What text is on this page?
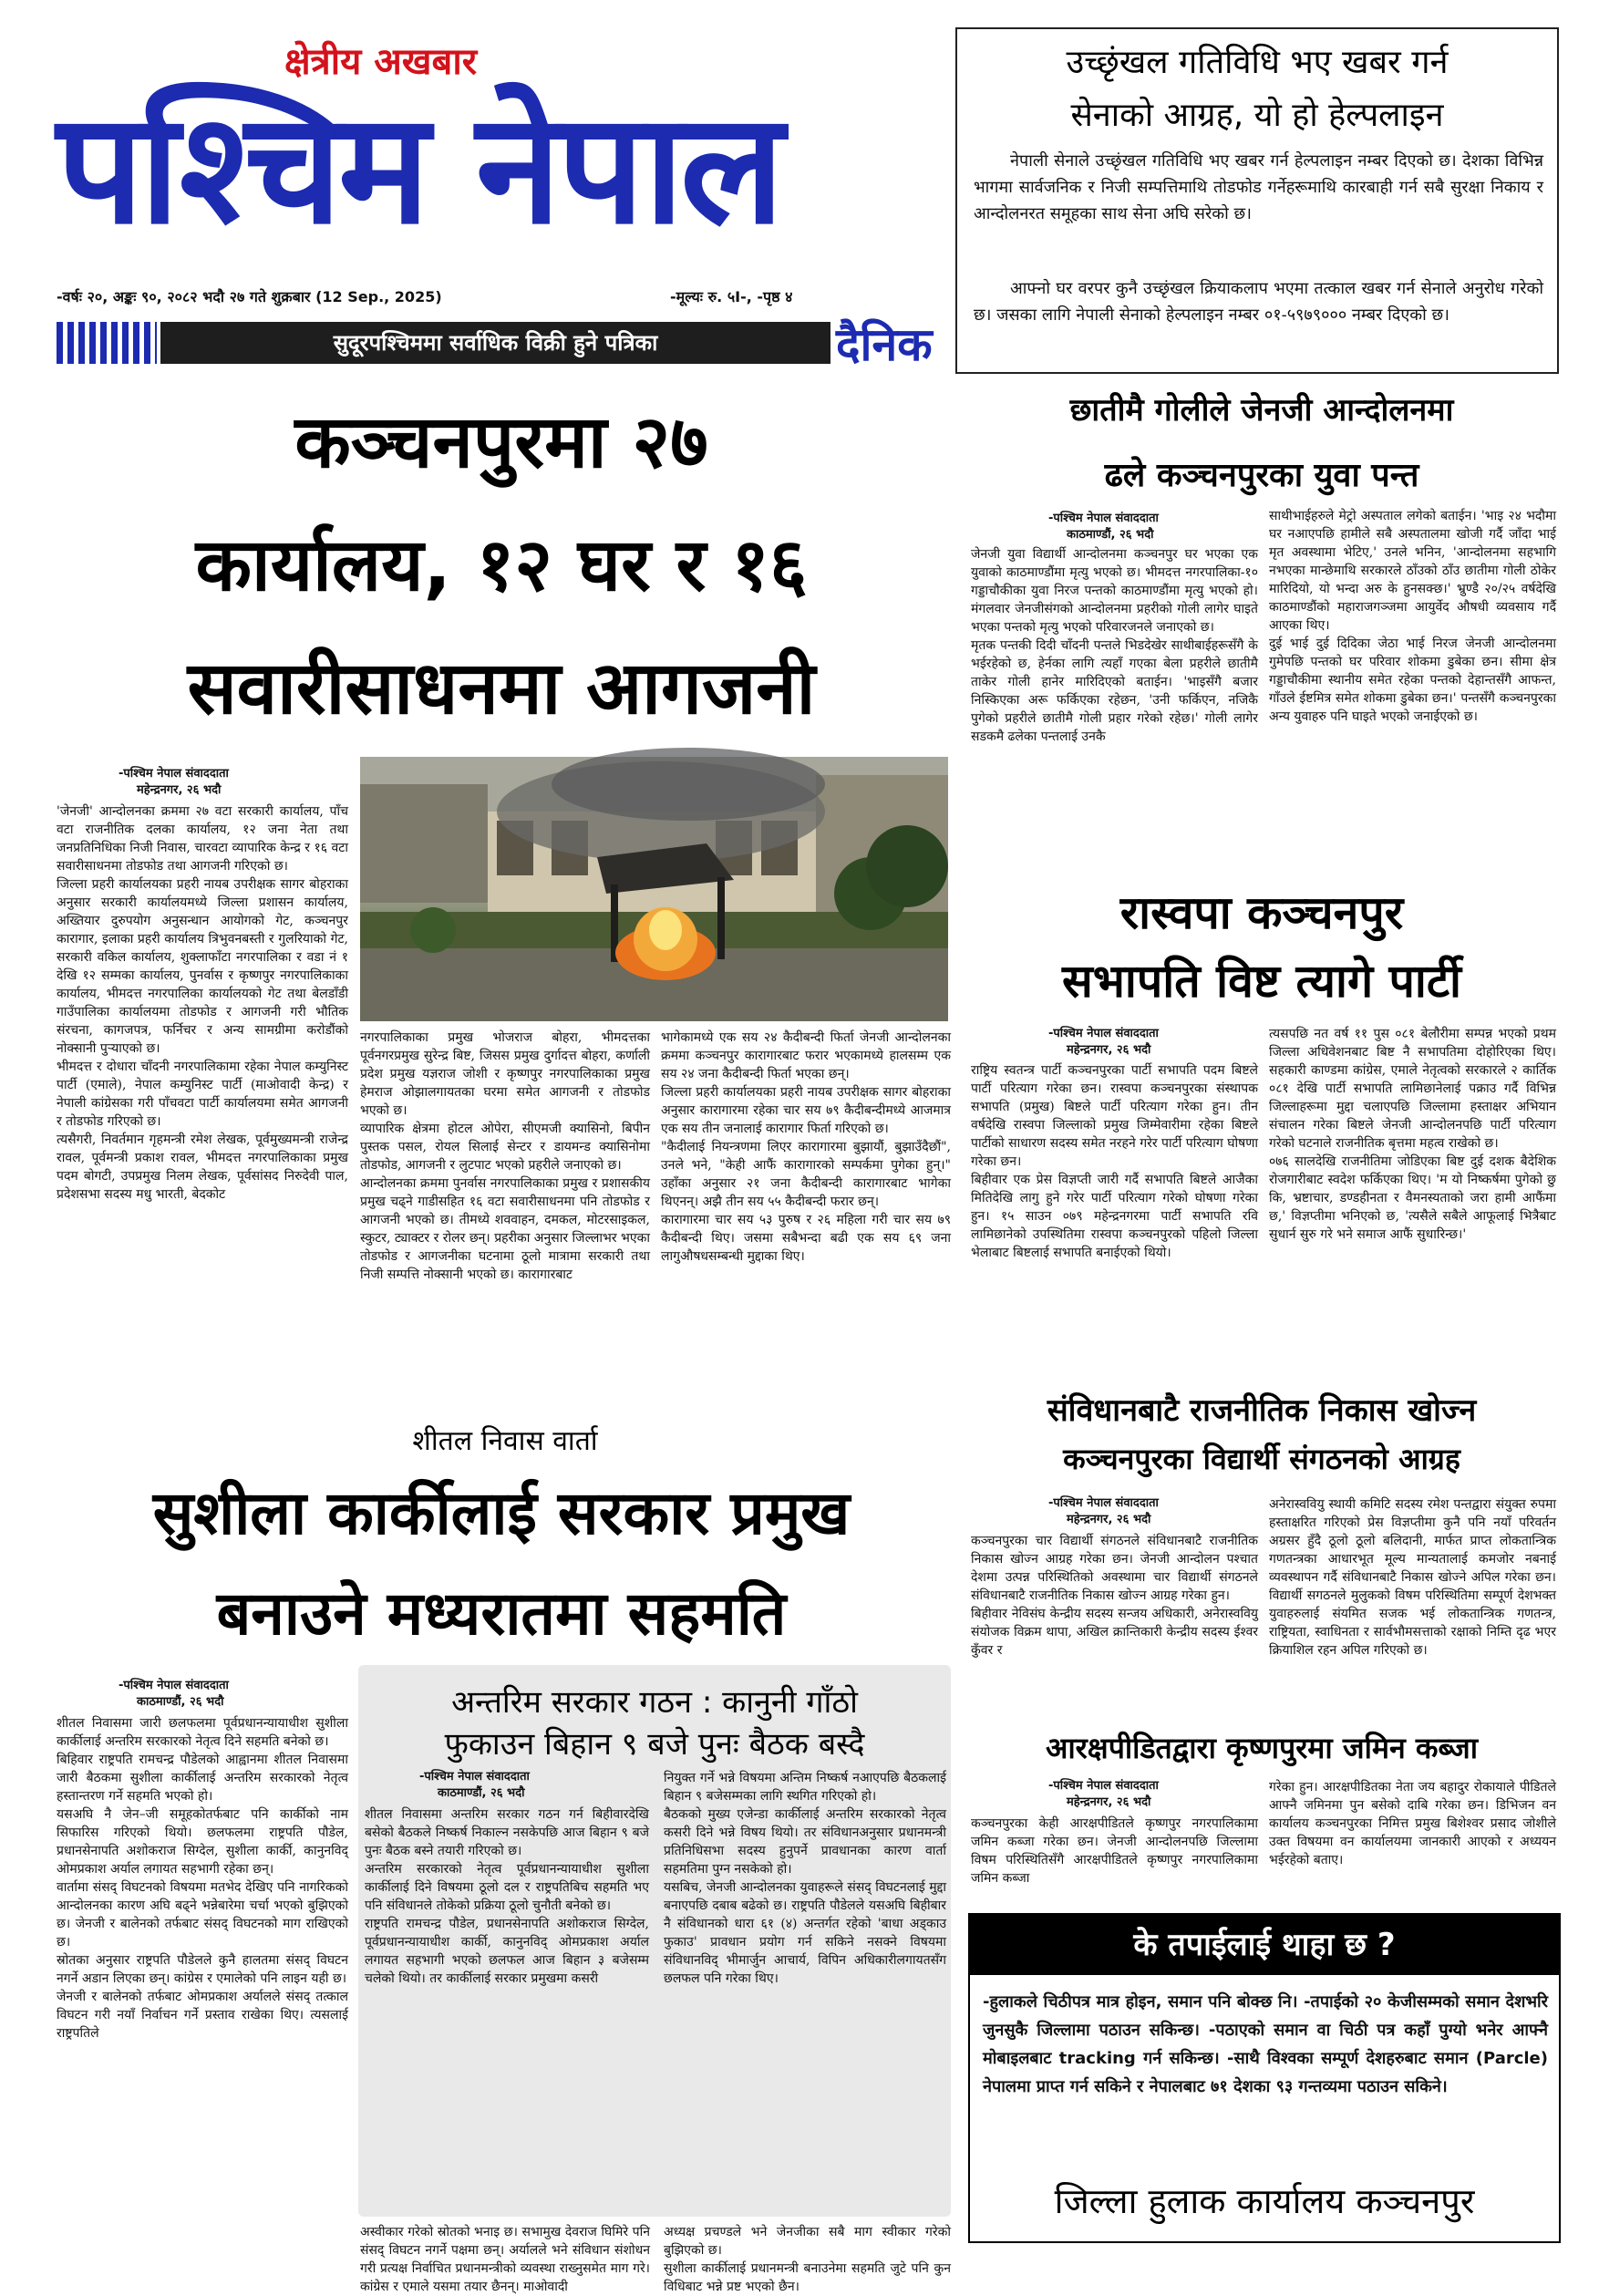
क्षेत्रीय अखबार
पश्चिम नेपाल
-वर्षः २०, अङ्कः ९०, २०८२ भदौ २७ गते शुक्रबार (12 Sep., 2025)	-मूल्यः रु. ५I-, -पृष्ठ ४
सुदूरपश्चिममा सर्वाधिक विक्री हुने पत्रिका	दैनिक
उच्छृंखल गतिविधि भए खबर गर्न
सेनाको आग्रह, यो हो हेल्पलाइन
नेपाली सेनाले उच्छृंखल गतिविधि भए खबर गर्न हेल्पलाइन नम्बर दिएको छ। देशका विभिन्न भागमा सार्वजनिक र निजी सम्पत्तिमाथि तोडफोड गर्नेहरूमाथि कारबाही गर्न सबै सुरक्षा निकाय र आन्दोलनरत समूहका साथ सेना अघि सरेको छ।
आफ्नो घर वरपर कुनै उच्छृंखल क्रियाकलाप भएमा तत्काल खबर गर्न सेनाले अनुरोध गरेको छ। जसका लागि नेपाली सेनाको हेल्पलाइन नम्बर ०१-५९७९००० नम्बर दिएको छ।
कञ्चनपुरमा २७
कार्यालय, १२ घर र १६
सवारीसाधनमा आगजनी
-पश्चिम नेपाल संवाददाता
महेन्द्रनगर, २६ भदौ
'जेनजी' आन्दोलनका क्रममा २७ वटा सरकारी कार्यालय, पाँच वटा राजनीतिक दलका कार्यालय, १२ जना नेता तथा जनप्रतिनिधिका निजी निवास, चारवटा व्यापारिक केन्द्र र १६ वटा सवारीसाधनमा तोडफोड तथा आगजनी गरिएको छ।
जिल्ला प्रहरी कार्यालयका प्रहरी नायब उपरीक्षक सागर बोहराका अनुसार सरकारी कार्यालयमध्ये जिल्ला प्रशासन कार्यालय, अख्तियार दुरुपयोग अनुसन्धान आयोगको गेट, कञ्चनपुर कारागार, इलाका प्रहरी कार्यालय त्रिभुवनबस्ती र गुलरियाको गेट, सरकारी वकिल कार्यालय, शुक्लाफाँटा नगरपालिका र वडा नं १ देखि १२ सम्मका कार्यालय, पुनर्वास र कृष्णपुर नगरपालिकाका कार्यालय, भीमदत्त नगरपालिका कार्यालयको गेट तथा बेलडाँडी गाउँपालिका कार्यालयमा तोडफोड र आगजनी गरी भौतिक संरचना, कागजपत्र, फर्निचर र अन्य सामग्रीमा करोडौंको नोक्सानी पुर्‍याएको छ।
भीमदत्त र दोधारा चाँदनी नगरपालिकामा रहेका नेपाल कम्युनिस्ट पार्टी (एमाले), नेपाल कम्युनिस्ट पार्टी (माओवादी केन्द्र) र नेपाली कांग्रेसका गरी पाँचवटा पार्टी कार्यालयमा समेत आगजनी र तोडफोड गरिएको छ।
त्यसैगरी, निवर्तमान गृहमन्त्री रमेश लेखक, पूर्वमुख्यमन्त्री राजेन्द्र रावल, पूर्वमन्त्री प्रकाश रावल, भीमदत्त नगरपालिकाका प्रमुख पदम बोगटी, उपप्रमुख निलम लेखक, पूर्वसांसद निरुदेवी पाल, प्रदेशसभा सदस्य मधु भारती, बेदकोट
नगरपालिकाका प्रमुख भोजराज बोहरा, भीमदत्तका पूर्वनगरप्रमुख सुरेन्द्र बिष्ट, जिसस प्रमुख दुर्गादत्त बोहरा, कर्णाली प्रदेश प्रमुख यज्ञराज जोशी र कृष्णपुर नगरपालिकाका प्रमुख हेमराज ओझालगायतका घरमा समेत आगजनी र तोडफोड भएको छ।
व्यापारिक क्षेत्रमा होटल ओपेरा, सीएमजी क्यासिनो, बिपीन पुस्तक पसल, रोयल सिलाई सेन्टर र डायमन्ड क्यासिनोमा तोडफोड, आगजनी र लुटपाट भएको प्रहरीले जनाएको छ।
आन्दोलनका क्रममा पुनर्वास नगरपालिकाका प्रमुख र प्रशासकीय प्रमुख चढ्ने गाडीसहित १६ वटा सवारीसाधनमा पनि तोडफोड र आगजनी भएको छ। तीमध्ये शववाहन, दमकल, मोटरसाइकल, स्कुटर, ट्याक्टर र रोलर छन्। प्रहरीका अनुसार जिल्लाभर भएका तोडफोड र आगजनीका घटनामा ठूलो मात्रामा सरकारी तथा निजी सम्पत्ति नोक्सानी भएको छ। कारागारबाट
भागेकामध्ये एक सय २४ कैदीबन्दी फिर्ता जेनजी आन्दोलनका क्रममा कञ्चनपुर कारागारबाट फरार भएकामध्ये हालसम्म एक सय २४ जना कैदीबन्दी फिर्ता भएका छन्।
जिल्ला प्रहरी कार्यालयका प्रहरी नायब उपरीक्षक सागर बोहराका अनुसार कारागारमा रहेका चार सय ७९ कैदीबन्दीमध्ये आजमात्र एक सय तीन जनालाई कारागार फिर्ता गरिएको छ।
"कैदीलाई नियन्त्रणमा लिएर कारागारमा बुझायौं, बुझाउँदैछौं", उनले भने, "केही आफैं कारागारको सम्पर्कमा पुगेका हुन्।" उहाँका अनुसार २१ जना कैदीबन्दी कारागारबाट भागेका थिएनन्। अझै तीन सय ५५ कैदीबन्दी फरार छन्।
कारागारमा चार सय ५३ पुरुष र २६ महिला गरी चार सय ७९ कैदीबन्दी थिए। जसमा सबैभन्दा बढी एक सय ६९ जना लागुऔषधसम्बन्धी मुद्दाका थिए।
शीतल निवास वार्ता
सुशीला कार्कीलाई सरकार प्रमुख
बनाउने मध्यरातमा सहमति
-पश्चिम नेपाल संवाददाता
काठमाण्डौं, २६ भदौ
शीतल निवासमा जारी छलफलमा पूर्वप्रधानन्यायाधीश सुशीला कार्कीलाई अन्तरिम सरकारको नेतृत्व दिने सहमति बनेको छ।
बिहिवार राष्ट्रपति रामचन्द्र पौडेलको आह्वानमा शीतल निवासमा जारी बैठकमा सुशीला कार्कीलाई अन्तरिम सरकारको नेतृत्व हस्तान्तरण गर्ने सहमति भएको हो।
यसअघि नै जेन–जी समूहकोतर्फबाट पनि कार्कीको नाम सिफारिस गरिएको थियो। छलफलमा राष्ट्रपति पौडेल, प्रधानसेनापति अशोकराज सिग्देल, सुशीला कार्की, कानुनविद् ओमप्रकाश अर्याल लगायत सहभागी रहेका छन्।
वार्तामा संसद् विघटनको विषयमा मतभेद देखिए पनि नागरिकको आन्दोलनका कारण अघि बढ्ने भन्नेबारेमा चर्चा भएको बुझिएको छ। जेनजी र बालेनको तर्फबाट संसद् विघटनको माग राखिएको छ।
स्रोतका अनुसार राष्ट्रपति पौडेलले कुनै हालतमा संसद् विघटन नगर्ने अडान लिएका छन्। कांग्रेस र एमालेको पनि लाइन यही छ।
जेनजी र बालेनको तर्फबाट ओमप्रकाश अर्यालले संसद् तत्काल विघटन गरी नयाँ निर्वाचन गर्ने प्रस्ताव राखेका थिए। त्यसलाई राष्ट्रपतिले
अन्तरिम सरकार गठन : कानुनी गाँठो
फुकाउन बिहान ९ बजे पुनः बैठक बस्दै
-पश्चिम नेपाल संवाददाता
काठमाण्डौं, २६ भदौ
शीतल निवासमा अन्तरिम सरकार गठन गर्न बिहीवारदेखि बसेको बैठकले निष्कर्ष निकाल्न नसकेपछि आज बिहान ९ बजे पुनः बैठक बस्ने तयारी गरिएको छ।
अन्तरिम सरकारको नेतृत्व पूर्वप्रधानन्यायाधीश सुशीला कार्कीलाई दिने विषयमा ठूलो दल र राष्ट्रपतिबिच सहमति भए पनि संविधानले तोकेको प्रक्रिया ठूलो चुनौती बनेको छ।
राष्ट्रपति रामचन्द्र पौडेल, प्रधानसेनापति अशोकराज सिग्देल, पूर्वप्रधानन्यायाधीश कार्की, कानुनविद् ओमप्रकाश अर्याल लगायत सहभागी भएको छलफल आज बिहान ३ बजेसम्म चलेको थियो। तर कार्कीलाई सरकार प्रमुखमा कसरी
नियुक्त गर्ने भन्ने विषयमा अन्तिम निष्कर्ष नआएपछि बैठकलाई बिहान ९ बजेसम्मका लागि स्थगित गरिएको हो।
बैठकको मुख्य एजेन्डा कार्कीलाई अन्तरिम सरकारको नेतृत्व कसरी दिने भन्ने विषय थियो। तर संविधानअनुसार प्रधानमन्त्री प्रतिनिधिसभा सदस्य हुनुपर्ने प्रावधानका कारण वार्ता सहमतिमा पुग्न नसकेको हो।
यसबिच, जेनजी आन्दोलनका युवाहरूले संसद् विघटनलाई मुद्दा बनाएपछि दबाब बढेको छ। राष्ट्रपति पौडेलले यसअघि बिहीबार नै संविधानको धारा ६१ (४) अन्तर्गत रहेको 'बाधा अड्काउ फुकाउ' प्रावधान प्रयोग गर्न सकिने नसक्ने विषयमा संविधानविद् भीमार्जुन आचार्य, विपिन अधिकारीलगायतसँग छलफल पनि गरेका थिए।
अस्वीकार गरेको स्रोतको भनाइ छ। सभामुख देवराज घिमिरे पनि संसद् विघटन नगर्ने पक्षमा छन्। अर्यालले भने संविधान संशोधन गरी प्रत्यक्ष निर्वाचित प्रधानमन्त्रीको व्यवस्था राख्नुसमेत माग गरे। कांग्रेस र एमाले यसमा तयार छैनन्। माओवादी
अध्यक्ष प्रचण्डले भने जेनजीका सबै माग स्वीकार गरेको बुझिएको छ।
सुशीला कार्कीलाई प्रधानमन्त्री बनाउनेमा सहमति जुटे पनि कुन विधिबाट भन्ने प्रष्ट भएको छैन।
छातीमै गोलीले जेनजी आन्दोलनमा
ढले कञ्चनपुरका युवा पन्त
-पश्चिम नेपाल संवाददाता
काठमाण्डौं, २६ भदौ
जेनजी युवा विद्यार्थी आन्दोलनमा कञ्चनपुर घर भएका एक युवाको काठमाण्डौंमा मृत्यु भएको छ। भीमदत्त नगरपालिका-१० गड्डाचौकीका युवा निरज पन्तको काठमाण्डौंमा मृत्यु भएको हो। मंगलवार जेनजीसंगको आन्दोलनमा प्रहरीको गोली लागेर घाइते भएका पन्तको मृत्यु भएको परिवारजनले जनाएको छ।
मृतक पन्तकी दिदी चाँदनी पन्तले भिडदेखेर साथीबाईहरूसँगै के भईरहेको छ, हेर्नका लागि त्यहाँ गएका बेला प्रहरीले छातीमै ताकेर गोली हानेर मारिदिएको बताईन। 'भाइसँगै बजार निस्किएका अरू फर्किएका रहेछन, 'उनी फर्किएन, नजिकै पुगेको प्रहरीले छातीमै गोली प्रहार गरेको रहेछ।' गोली लागेर सडकमै ढलेका पन्तलाई उनकै
साथीभाईहरुले मेट्रो अस्पताल लगेको बताईन। 'भाइ २४ भदौमा घर नआएपछि हामीले सबै अस्पतालमा खोजी गर्दै जाँदा भाई मृत अवस्थामा भेटिए,' उनले भनिन, 'आन्दोलनमा सहभागि नभएका मान्छेमाथि सरकारले ठाँउको ठाँउ छातीमा गोली ठोकेर मारिदियो, यो भन्दा अरु के हुनसक्छ।' भ्रुण्डै २०/२५ वर्षदेखि काठमाण्डौंको महाराजगञ्जमा आयुर्वेद औषधी व्यवसाय गर्दै आएका थिए।
दुई भाई दुई दिदिका जेठा भाई निरज जेनजी आन्दोलनमा गुमेपछि पन्तको घर परिवार शोकमा डुबेका छन। सीमा क्षेत्र गड्डाचौकीमा स्थानीय समेत रहेका पन्तको देहान्तसँगै आफन्त, गाँउले ईष्टमित्र समेत शोकमा डुबेका छन।' पन्तसँगै कञ्चनपुरका अन्य युवाहरु पनि घाइते भएको जनाईएको छ।
रास्वपा कञ्चनपुर
सभापति विष्ट त्यागे पार्टी
-पश्चिम नेपाल संवाददाता
महेन्द्रनगर, २६ भदौ
राष्ट्रिय स्वतन्त्र पार्टी कञ्चनपुरका पार्टी सभापति पदम बिष्टले पार्टी परित्याग गरेका छन। रास्वपा कञ्चनपुरका संस्थापक सभापति (प्रमुख) बिष्टले पार्टी परित्याग गरेका हुन। तीन वर्षदेखि रास्वपा जिल्लाको प्रमुख जिम्मेवारीमा रहेका बिष्टले पार्टीको साधारण सदस्य समेत नरहने गरेर पार्टी परित्याग घोषणा गरेका छन।
बिहीवार एक प्रेस विज्ञप्ती जारी गर्दै सभापति बिष्टले आजैका मितिदेखि लागु हुने गरेर पार्टी परित्याग गरेको घोषणा गरेका हुन। १५ साउन ०७९ महेन्द्रनगरमा पार्टी सभापति रवि लामिछानेको उपस्थितिमा रास्वपा कञ्चनपुरको पहिलो जिल्ला भेलाबाट बिष्टलाई सभापति बनाईएको थियो।
त्यसपछि नत वर्ष ११ पुस ०८१ बेलौरीमा सम्पन्न भएको प्रथम जिल्ला अधिवेशनबाट बिष्ट नै सभापतिमा दोहोरिएका थिए। सहकारी काण्डमा कांग्रेस, एमाले नेतृत्वको सरकारले २ कार्तिक ०८१ देखि पार्टी सभापति लामिछानेलाई पक्राउ गर्दै विभिन्न जिल्लाहरूमा मुद्दा चलाएपछि जिल्लामा हस्ताक्षर अभियान संचालन गरेका बिष्टले जेनजी आन्दोलनपछि पार्टी परित्याग गरेको घटनाले राजनीतिक बृत्तमा महत्व राखेको छ।
०७६ सालदेखि राजनीतिमा जोडिएका बिष्ट दुई दशक बैदेशिक रोजगारीबाट स्वदेश फर्किएका थिए। 'म यो निष्कर्षमा पुगेको छु कि, भ्रष्टाचार, डण्डहीनता र वैमनस्यताको जरा हामी आफैंमा छ,' विज्ञप्तीमा भनिएको छ, 'त्यसैले सबैले आफूलाई भित्रैबाट सुधार्न सुरु गरे भने समाज आफैं सुधारिन्छ।'
संविधानबाटै राजनीतिक निकास खोज्न
कञ्चनपुरका विद्यार्थी संगठनको आग्रह
-पश्चिम नेपाल संवाददाता
महेन्द्रनगर, २६ भदौ
कञ्चनपुरका चार विद्यार्थी संगठनले संविधानबाटै राजनीतिक निकास खोज्न आग्रह गरेका छन। जेनजी आन्दोलन पश्चात देशमा उत्पन्न परिस्थितिको अवस्थामा चार विद्यार्थी संगठनले संविधानबाटै राजनीतिक निकास खोज्न आग्रह गरेका हुन।
बिहीवार नेविसंघ केन्द्रीय सदस्य सन्जय अधिकारी, अनेरास्ववियु संयोजक विक्रम थापा, अखिल क्रान्तिकारी केन्द्रीय सदस्य ईश्वर कुँवर र
अनेरास्ववियु स्थायी कमिटि सदस्य रमेश पन्तद्वारा संयुक्त रुपमा हस्ताक्षरित गरिएको प्रेस विज्ञप्तीमा कुनै पनि नयाँ परिवर्तन अग्रसर हुँदै ठूलो ठूलो बलिदानी, मार्फत प्राप्त लोकतान्त्रिक गणतन्त्रका आधारभूत मूल्य मान्यतालाई कमजोर नबनाई व्यवस्थापन गर्दै संविधानबाटै निकास खोज्ने अपिल गरेका छन। विद्यार्थी सगठनले मुलुकको विषम परिस्थितिमा सम्पूर्ण देशभक्त युवाहरुलाई संयमित सजक भई लोकतान्त्रिक गणतन्त्र, राष्ट्रियता, स्वाधिनता र सार्वभौमसत्ताको रक्षाको निम्ति दृढ भएर क्रियाशिल रहन अपिल गरिएको छ।
आरक्षपीडितद्वारा कृष्णपुरमा जमिन कब्जा
-पश्चिम नेपाल संवाददाता
महेन्द्रनगर, २६ भदौ
कञ्चनपुरका केही आरक्षपीडितले कृष्णपुर नगरपालिकामा जमिन कब्जा गरेका छन। जेनजी आन्दोलनपछि जिल्लामा विषम परिस्थितिसँगै आरक्षपीडितले कृष्णपुर नगरपालिकामा जमिन कब्जा
गरेका हुन। आरक्षपीडितका नेता जय बहादुर रोकायाले पीडितले आफ्नै जमिनमा पुन बसेको दाबि गरेका छन। डिभिजन वन कार्यालय कञ्चनपुरका निमित्त प्रमुख बिशेश्वर प्रसाद जोशीले उक्त विषयमा वन कार्यालयमा जानकारी आएको र अध्ययन भईरहेको बताए।
के तपाईलाई थाहा छ ?
-हुलाकले चिठीपत्र मात्र होइन, समान पनि बोक्छ नि। -तपाईको २० केजीसम्मको समान देशभरि जुनसुकै जिल्लामा पठाउन सकिन्छ। -पठाएको समान वा चिठी पत्र कहाँ पुग्यो भनेर आफ्नै मोबाइलबाट tracking गर्न सकिन्छ। -साथै विश्वका सम्पूर्ण देशहरुबाट समान (Parcle) नेपालमा प्राप्त गर्न सकिने र नेपालबाट ७१ देशका ९३ गन्तव्यमा पठाउन सकिने।
जिल्ला हुलाक कार्यालय कञ्चनपुर
